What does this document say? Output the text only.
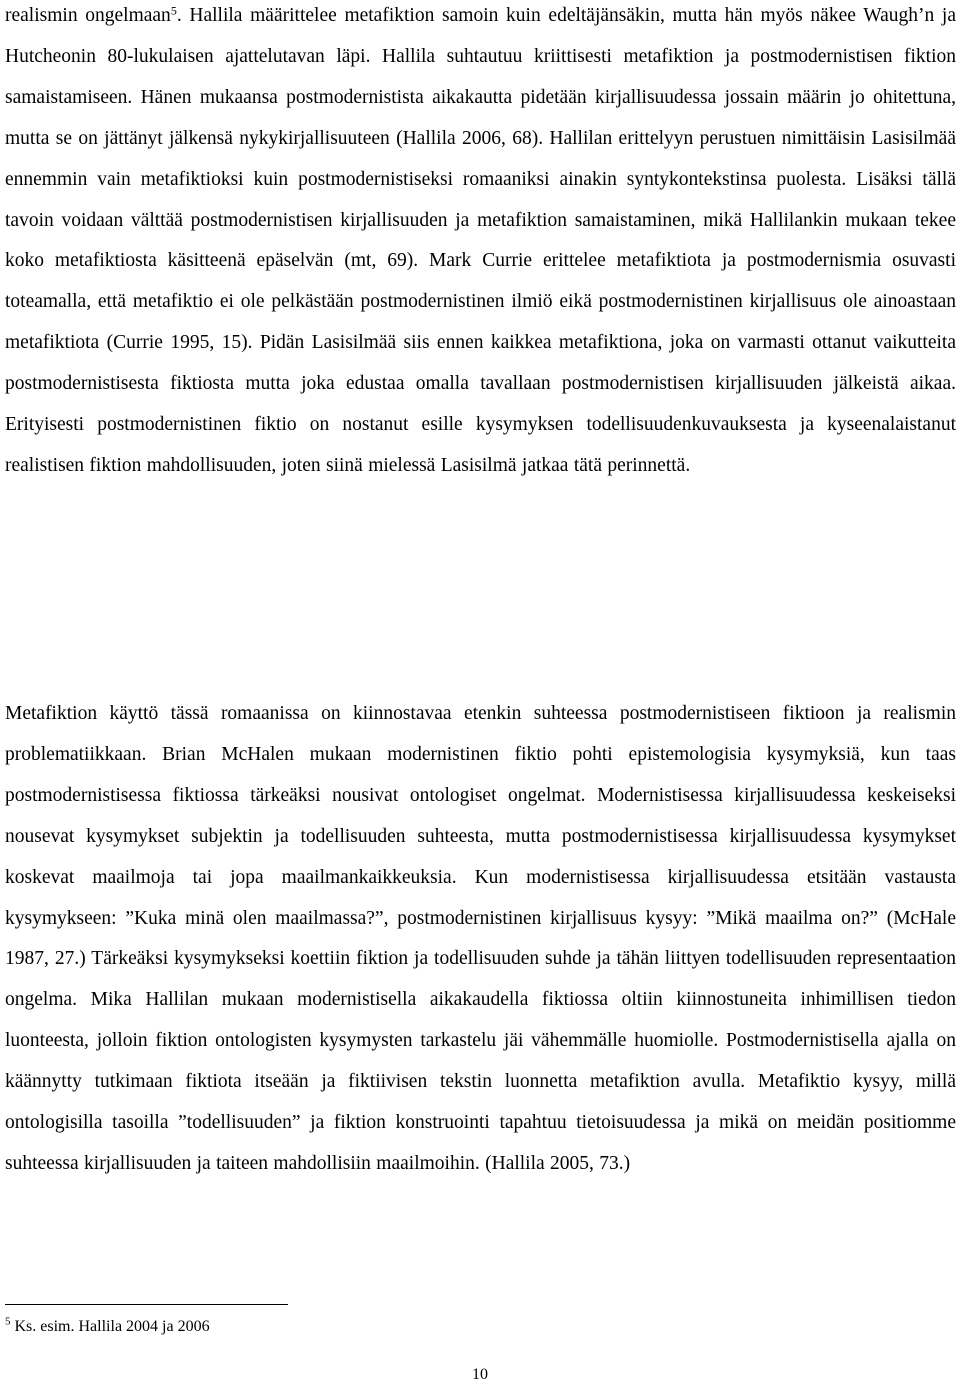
realismin ongelmaan$^5$. Hallila määrittelee metafiktion samoin kuin edeltäjänsäkin, mutta hän myös näkee Waugh’n ja Hutcheonin 80-lukulaisen ajattelutavan läpi. Hallila suhtautuu kriittisesti metafiktion ja postmodernistisen fiktion samaistamiseen. Hänen mukaansa postmodernistista aikakautta pidetään kirjallisuudessa jossain määrin jo ohitettuna, mutta se on jättänyt jälkensä nykykirjallisuuteen (Hallila 2006, 68). Hallilan erittelyyn perustuen nimittäisin Lasisilmää ennemmin vain metafiktioksi kuin postmodernistiseksi romaaniksi ainakin syntykontekstinsa puolesta. Lisäksi tällä tavoin voidaan välttää postmodernistisen kirjallisuuden ja metafiktion samaistaminen, mikä Hallilankin mukaan tekee koko metafiktiosta käsitteenä epäselvän (mt, 69). Mark Currie erittelee metafiktiota ja postmodernismia osuvasti toteamalla, että metafiktio ei ole pelkästään postmodernistinen ilmiö eikä postmodernistinen kirjallisuus ole ainoastaan metafiktiota (Currie 1995, 15). Pidän Lasisilmää siis ennen kaikkea metafiktiona, joka on varmasti ottanut vaikutteita postmodernistisesta fiktiosta mutta joka edustaa omalla tavallaan postmodernistisen kirjallisuuden jälkeistä aikaa. Erityisesti postmodernistinen fiktio on nostanut esille kysymyksen todellisuudenkuvauksesta ja kyseenalaistanut realistisen fiktion mahdollisuuden, joten siinä mielessä Lasisilmä jatkaa tätä perinnettä.

Metafiktion käyttö tässä romaanissa on kiinnostavaa etenkin suhteessa postmodernistiseen fiktioon ja realismin problematiikkaan. Brian McHalen mukaan modernistinen fiktio pohti epistemologisia kysymyksiä, kun taas postmodernistisessa fiktiossa tärkeäksi nousivat ontologiset ongelmat. Modernistisessa kirjallisuudessa keskeiseksi nousevat kysymykset subjektin ja todellisuuden suhteesta, mutta postmodernistisessa kirjallisuudessa kysymykset koskevat maailmoja tai jopa maailmankaikkeuksia. Kun modernistisessa kirjallisuudessa etsitään vastausta kysymykseen: ”Kuka minä olen maailmassa?”, postmodernistinen kirjallisuus kysyy: ”Mikä maailma on?” (McHale 1987, 27.) Tärkeäksi kysymykseksi koettiin fiktion ja todellisuuden suhde ja tähän liittyen todellisuuden representaation ongelma. Mika Hallilan mukaan modernistisella aikakaudella fiktiossa oltiin kiinnostuneita inhimillisen tiedon luonteesta, jolloin fiktion ontologisten kysymysten tarkastelu jäi vähemmälle huomiolle. Postmodernistisella ajalla on käännytty tutkimaan fiktiota itseään ja fiktiivisen tekstin luonnetta metafiktion avulla. Metafiktio kysyy, millä ontologisilla tasoilla ”todellisuuden” ja fiktion konstruointi tapahtuu tietoisuudessa ja mikä on meidän positiomme suhteessa kirjallisuuden ja taiteen mahdollisiin maailmoihin. (Hallila 2005, 73.)

$^5$ Ks. esim. Hallila 2004 ja 2006

10
